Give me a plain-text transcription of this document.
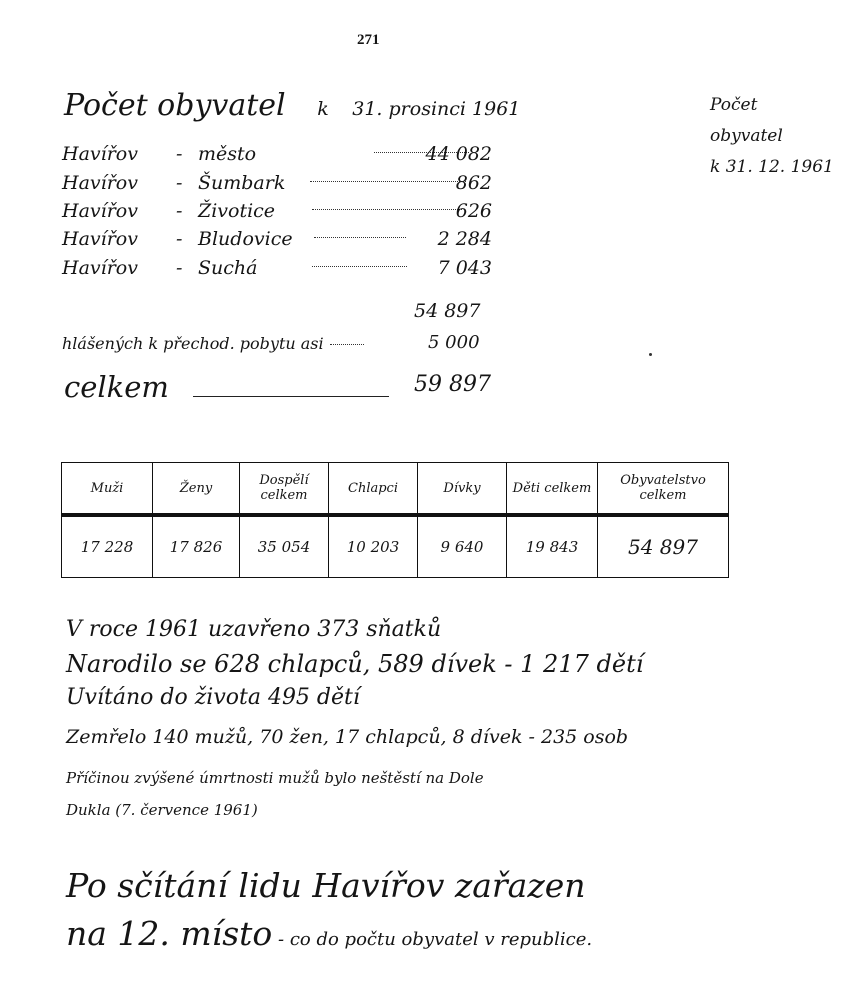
271
Počet obyvatel k 31. prosinci 1961	Počet
obyvatel
k 31. 12. 1961
Havířov - město	44 082
Havířov - Šumbark	862
Havířov - Životice	626
Havířov - Bludovice	2 284
Havířov - Suchá	7 043
54 897
hlášených k přechod. pobytu asi	5 000
celkem	59 897
Muži	Ženy	Dospělí celkem	Chlapci	Dívky	Děti celkem	Obyvatelstvo celkem
17 228	17 826	35 054	10 203	9 640	19 843	54 897
V roce 1961 uzavřeno 373 sňatků
Narodilo se 628 chlapců, 589 dívek - 1 217 dětí
Uvítáno do života 495 dětí
Zemřelo 140 mužů, 70 žen, 17 chlapců, 8 dívek - 235 osob
Příčinou zvýšené úmrtnosti mužů bylo neštěstí na Dole
Dukla (7. července 1961)
Po sčítání lidu Havířov zařazen
na 12. místo - co do počtu obyvatel v republice.
